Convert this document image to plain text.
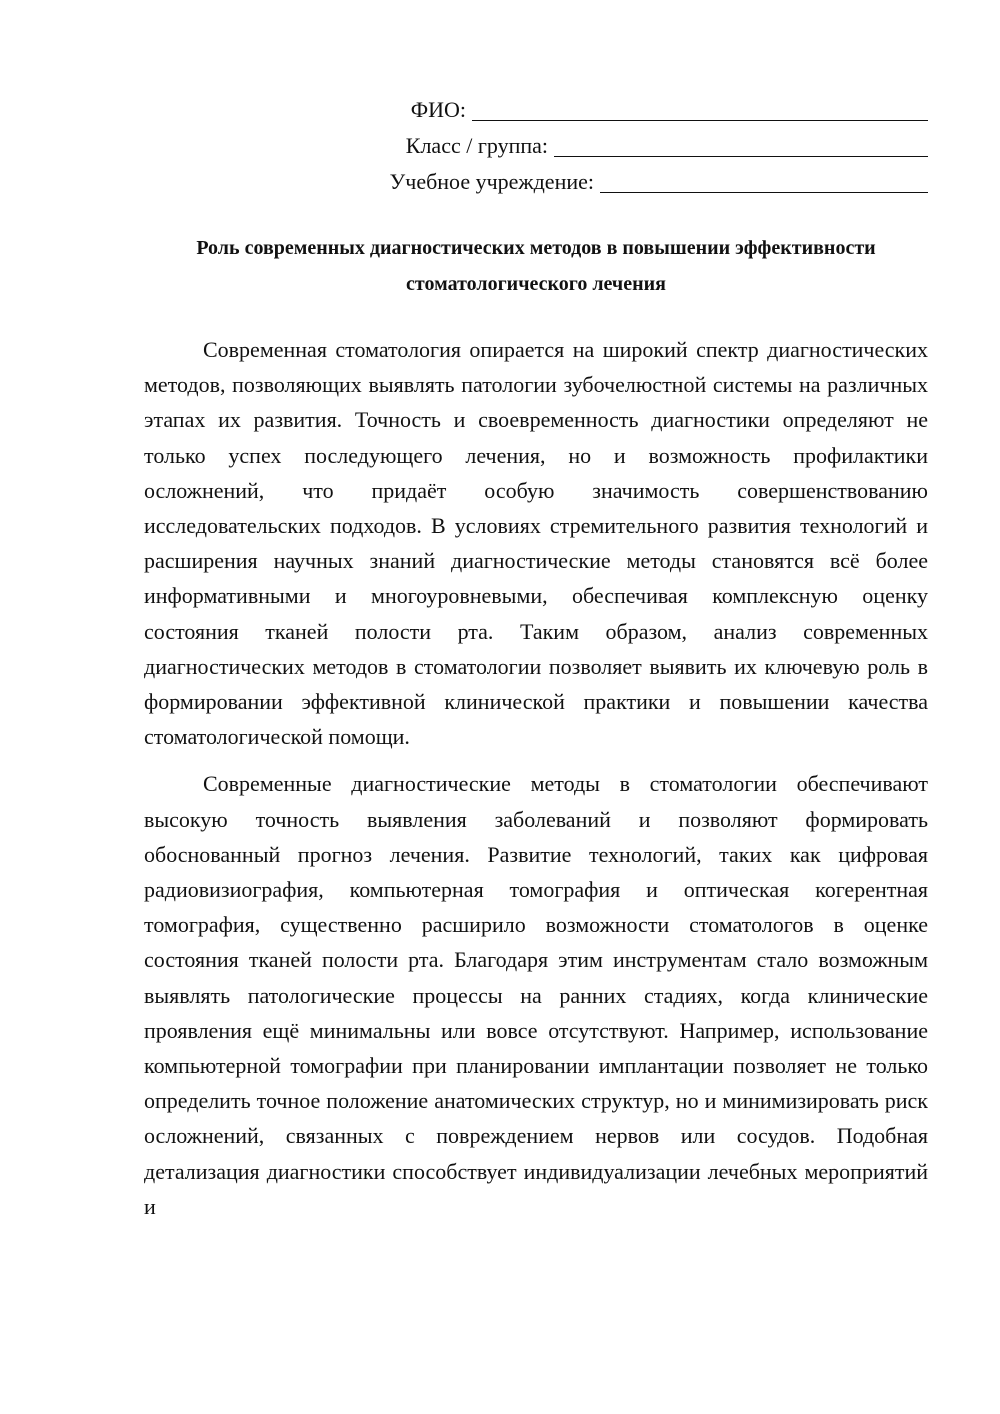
ФИО:
Класс / группа:
Учебное учреждение:
Роль современных диагностических методов в повышении эффективности
стоматологического лечения

Современная стоматология опирается на широкий спектр диагностических методов, позволяющих выявлять патологии зубочелюстной системы на различных этапах их развития. Точность и своевременность диагностики определяют не только успех последующего лечения, но и возможность профилактики осложнений, что придаёт особую значимость совершенствованию исследовательских подходов. В условиях стремительного развития технологий и расширения научных знаний диагностические методы становятся всё более информативными и многоуровневыми, обеспечивая комплексную оценку состояния тканей полости рта. Таким образом, анализ современных диагностических методов в стоматологии позволяет выявить их ключевую роль в формировании эффективной клинической практики и повышении качества стоматологической помощи.

Современные диагностические методы в стоматологии обеспечивают высокую точность выявления заболеваний и позволяют формировать обоснованный прогноз лечения. Развитие технологий, таких как цифровая радиовизиография, компьютерная томография и оптическая когерентная томография, существенно расширило возможности стоматологов в оценке состояния тканей полости рта. Благодаря этим инструментам стало возможным выявлять патологические процессы на ранних стадиях, когда клинические проявления ещё минимальны или вовсе отсутствуют. Например, использование компьютерной томографии при планировании имплантации позволяет не только определить точное положение анатомических структур, но и минимизировать риск осложнений, связанных с повреждением нервов или сосудов. Подобная детализация диагностики способствует индивидуализации лечебных мероприятий и
